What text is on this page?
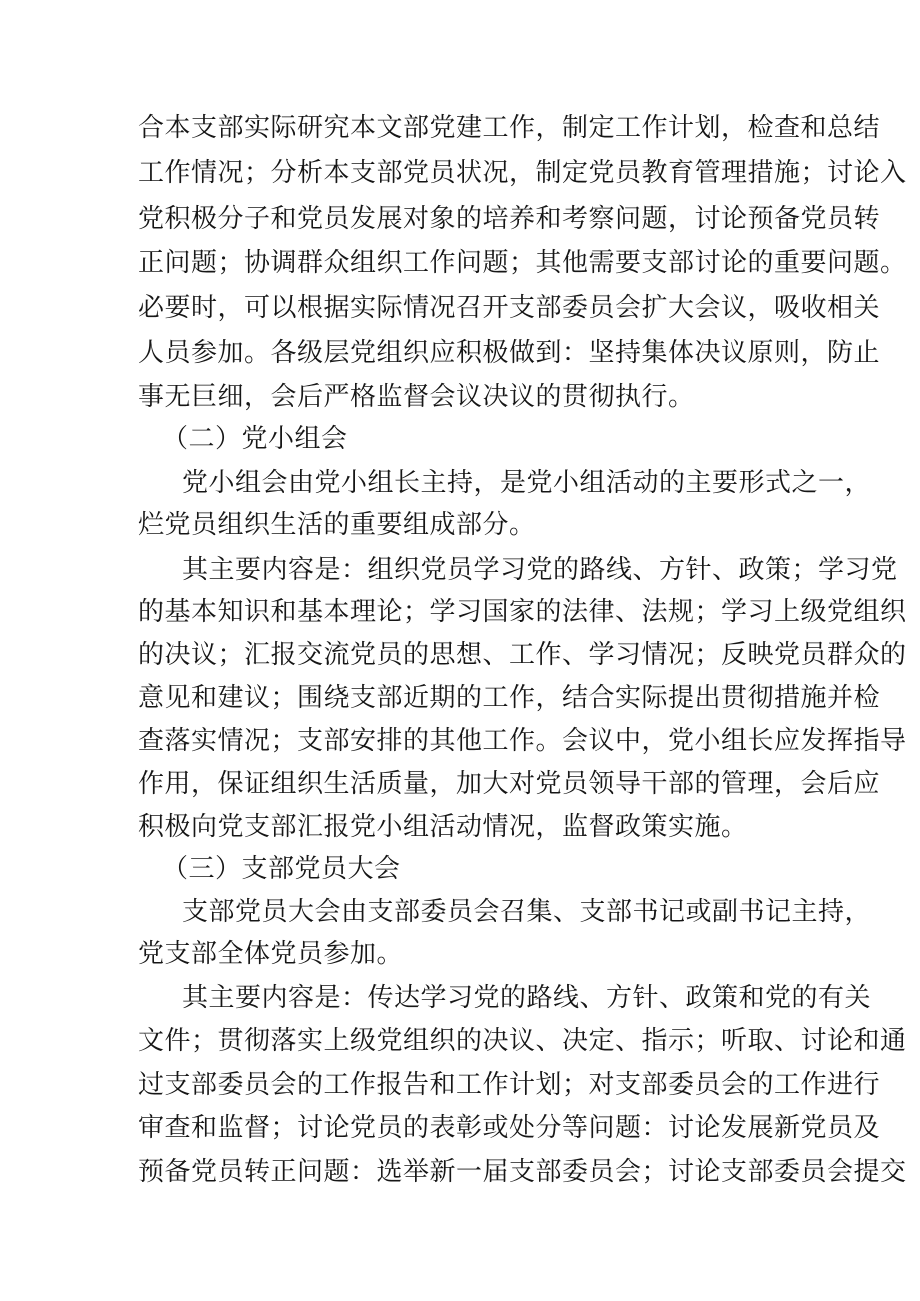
合本支部实际研究本文部党建工作，制定工作计划，检查和总结
工作情况；分析本支部党员状况，制定党员教育管理措施；讨论入
党积极分子和党员发展对象的培养和考察问题，讨论预备党员转
正问题；协调群众组织工作问题；其他需要支部讨论的重要问题。
必要时，可以根据实际情况召开支部委员会扩大会议，吸收相关
人员参加。各级层党组织应积极做到：坚持集体决议原则，防止
事无巨细，会后严格监督会议决议的贯彻执行。
（二）党小组会
党小组会由党小组长主持，是党小组活动的主要形式之一，
烂党员组织生活的重要组成部分。
其主要内容是：组织党员学习党的路线、方针、政策；学习党
的基本知识和基本理论；学习国家的法律、法规；学习上级党组织
的决议；汇报交流党员的思想、工作、学习情况；反映党员群众的
意见和建议；围绕支部近期的工作，结合实际提出贯彻措施并检
查落实情况；支部安排的其他工作。会议中，党小组长应发挥指导
作用，保证组织生活质量，加大对党员领导干部的管理，会后应
积极向党支部汇报党小组活动情况，监督政策实施。
（三）支部党员大会
支部党员大会由支部委员会召集、支部书记或副书记主持，
党支部全体党员参加。
其主要内容是：传达学习党的路线、方针、政策和党的有关
文件；贯彻落实上级党组织的决议、决定、指示；听取、讨论和通
过支部委员会的工作报告和工作计划；对支部委员会的工作进行
审查和监督；讨论党员的表彰或处分等问题：讨论发展新党员及
预备党员转正问题：选举新一届支部委员会；讨论支部委员会提交
